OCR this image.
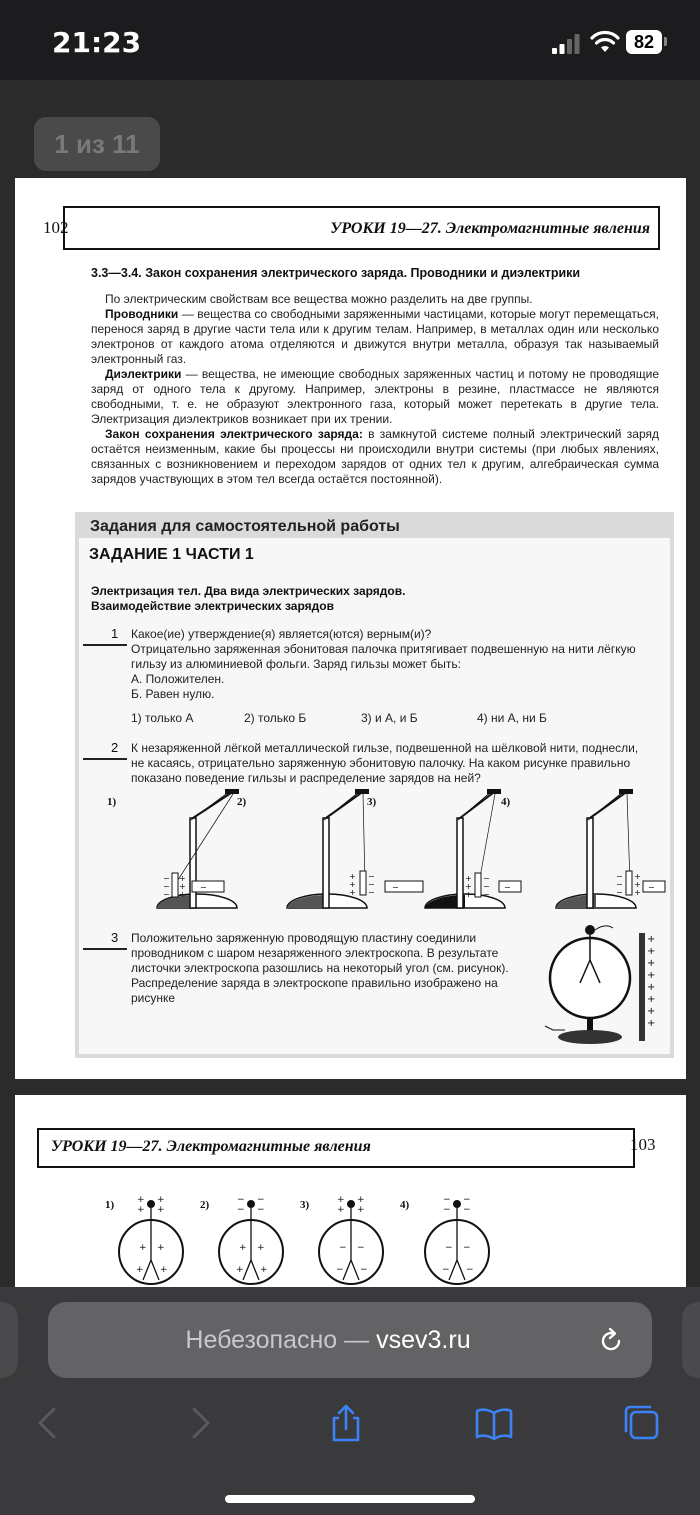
21:23	82
1 из 11
102	УРОКИ 19—27. Электромагнитные явления
3.3—3.4. Закон сохранения электрического заряда. Проводники и диэлектрики
По электрическим свойствам все вещества можно разделить на две группы.
Проводники — вещества со свободными заряженными частицами, которые могут перемещаться, перенося заряд в другие части тела или к другим телам. Например, в металлах один или несколько электронов от каждого атома отделяются и движутся внутри металла, образуя так называемый электронный газ.
Диэлектрики — вещества, не имеющие свободных заряженных частиц и потому не проводящие заряд от одного тела к другому. Например, электроны в резине, пластмассе не являются свободными, т. е. не образуют электронного газа, который может перетекать в другие тела. Электризация диэлектриков возникает при их трении.
Закон сохранения электрического заряда: в замкнутой системе полный электрический заряд остаётся неизменным, какие бы процессы ни происходили внутри системы (при любых явлениях, связанных с возникновением и переходом зарядов от одних тел к другим, алгебраическая сумма зарядов участвующих в этом тел всегда остаётся постоянной).
Задания для самостоятельной работы
ЗАДАНИЕ 1 ЧАСТИ 1
Электризация тел. Два вида электрических зарядов.
Взаимодействие электрических зарядов
1 Какое(ие) утверждение(я) является(ются) верным(и)?
Отрицательно заряженная эбонитовая палочка притягивает подвешенную на нити лёгкую гильзу из алюминиевой фольги. Заряд гильзы может быть:
А. Положителен.
Б. Равен нулю.
1) только А	2) только Б	3) и А, и Б	4) ни А, ни Б
2 К незаряженной лёгкой металлической гильзе, подвешенной на шёлковой нити, поднесли, не касаясь, отрицательно заряженную эбонитовую палочку. На каком рисунке правильно показано поведение гильзы и распределение зарядов на ней?
1)	2)	3)	4)
−
−
−
+
+
+
−
+
+
+
−
−
−
−
+
+
+
−
−
−
−
−
−
−
+
+
+
−
3 Положительно заряженную проводящую пластину соединили проводником с шаром незаряженного электроскопа. В результате листочки электроскопа разошлись на некоторый угол (см. рисунок).
Распределение заряда в электроскопе правильно изображено на рисунке
+
+
+
+
+
+
+
+
УРОКИ 19—27. Электромагнитные явления	103
1)	2)	3)	4)
+ +
+ +
+ +
+ +
− −
− −
+ +
+ +
+ +
+ +
− −
− −
− −
− −
− −
− −
Небезопасно — vsev3.ru
